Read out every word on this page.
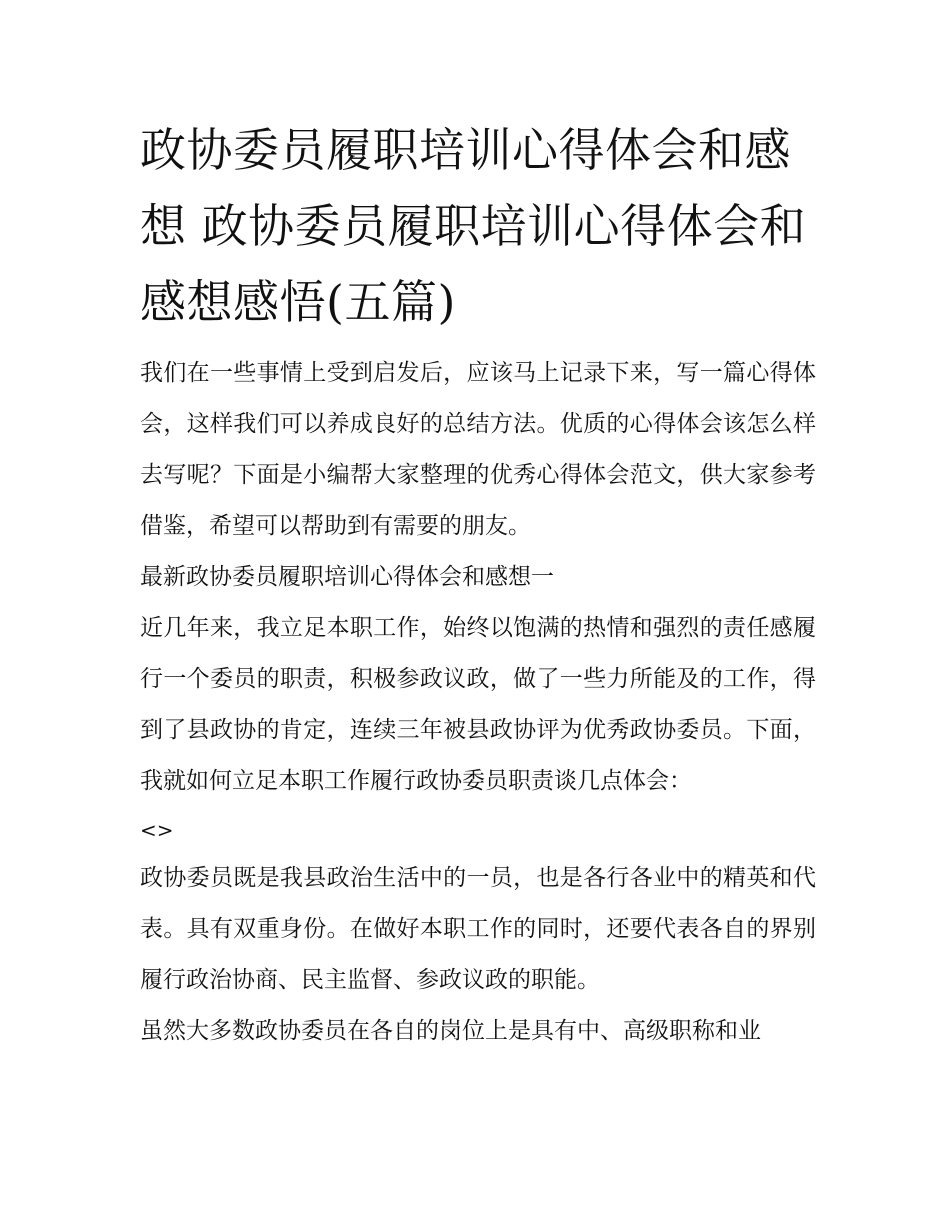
政协委员履职培训心得体会和感想 政协委员履职培训心得体会和感想感悟(五篇)

我们在一些事情上受到启发后，应该马上记录下来，写一篇心得体会，这样我们可以养成良好的总结方法。优质的心得体会该怎么样去写呢？下面是小编帮大家整理的优秀心得体会范文，供大家参考借鉴，希望可以帮助到有需要的朋友。

最新政协委员履职培训心得体会和感想一

近几年来，我立足本职工作，始终以饱满的热情和强烈的责任感履行一个委员的职责，积极参政议政，做了一些力所能及的工作，得到了县政协的肯定，连续三年被县政协评为优秀政协委员。下面，我就如何立足本职工作履行政协委员职责谈几点体会：

<>

政协委员既是我县政治生活中的一员，也是各行各业中的精英和代表。具有双重身份。在做好本职工作的同时，还要代表各自的界别履行政治协商、民主监督、参政议政的职能。

虽然大多数政协委员在各自的岗位上是具有中、高级职称和业
